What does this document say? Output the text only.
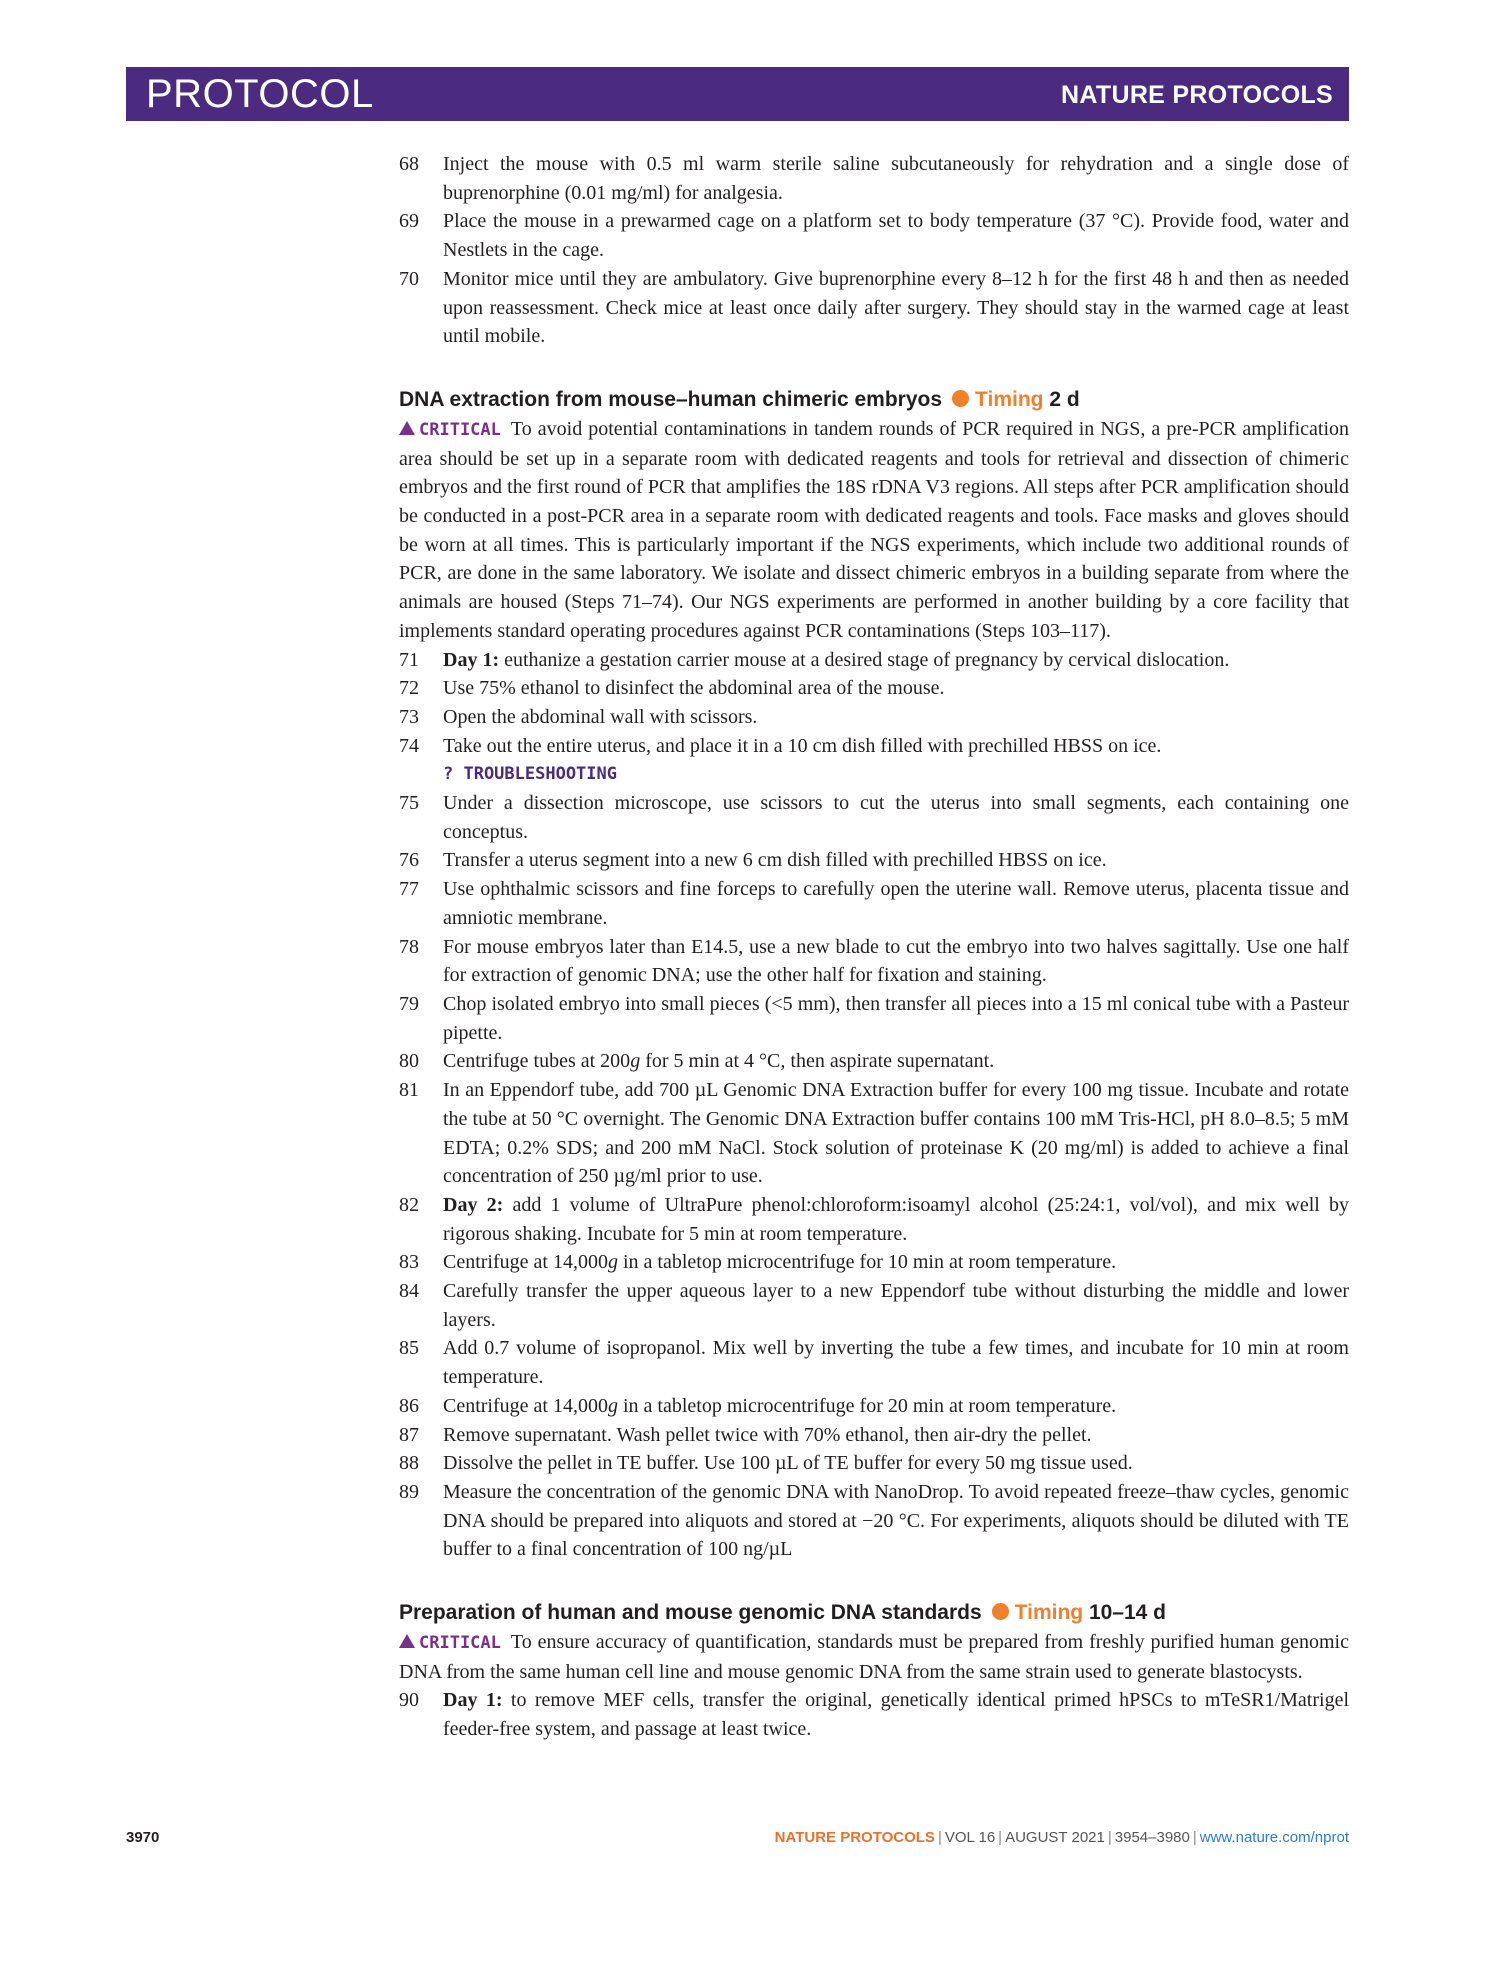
PROTOCOL	NATURE PROTOCOLS
68	Inject the mouse with 0.5 ml warm sterile saline subcutaneously for rehydration and a single dose of buprenorphine (0.01 mg/ml) for analgesia.
69	Place the mouse in a prewarmed cage on a platform set to body temperature (37 °C). Provide food, water and Nestlets in the cage.
70	Monitor mice until they are ambulatory. Give buprenorphine every 8–12 h for the first 48 h and then as needed upon reassessment. Check mice at least once daily after surgery. They should stay in the warmed cage at least until mobile.
DNA extraction from mouse–human chimeric embryos Timing 2 d
CRITICAL To avoid potential contaminations in tandem rounds of PCR required in NGS, a pre-PCR amplification area should be set up in a separate room with dedicated reagents and tools for retrieval and dissection of chimeric embryos and the first round of PCR that amplifies the 18S rDNA V3 regions. All steps after PCR amplification should be conducted in a post-PCR area in a separate room with dedicated reagents and tools. Face masks and gloves should be worn at all times. This is particularly important if the NGS experiments, which include two additional rounds of PCR, are done in the same laboratory. We isolate and dissect chimeric embryos in a building separate from where the animals are housed (Steps 71–74). Our NGS experiments are performed in another building by a core facility that implements standard operating procedures against PCR contaminations (Steps 103–117).
71	Day 1: euthanize a gestation carrier mouse at a desired stage of pregnancy by cervical dislocation.
72	Use 75% ethanol to disinfect the abdominal area of the mouse.
73	Open the abdominal wall with scissors.
74	Take out the entire uterus, and place it in a 10 cm dish filled with prechilled HBSS on ice.
? TROUBLESHOOTING
75	Under a dissection microscope, use scissors to cut the uterus into small segments, each containing one conceptus.
76	Transfer a uterus segment into a new 6 cm dish filled with prechilled HBSS on ice.
77	Use ophthalmic scissors and fine forceps to carefully open the uterine wall. Remove uterus, placenta tissue and amniotic membrane.
78	For mouse embryos later than E14.5, use a new blade to cut the embryo into two halves sagittally. Use one half for extraction of genomic DNA; use the other half for fixation and staining.
79	Chop isolated embryo into small pieces (<5 mm), then transfer all pieces into a 15 ml conical tube with a Pasteur pipette.
80	Centrifuge tubes at 200g for 5 min at 4 °C, then aspirate supernatant.
81	In an Eppendorf tube, add 700 µL Genomic DNA Extraction buffer for every 100 mg tissue. Incubate and rotate the tube at 50 °C overnight. The Genomic DNA Extraction buffer contains 100 mM Tris-HCl, pH 8.0–8.5; 5 mM EDTA; 0.2% SDS; and 200 mM NaCl. Stock solution of proteinase K (20 mg/ml) is added to achieve a final concentration of 250 µg/ml prior to use.
82	Day 2: add 1 volume of UltraPure phenol:chloroform:isoamyl alcohol (25:24:1, vol/vol), and mix well by rigorous shaking. Incubate for 5 min at room temperature.
83	Centrifuge at 14,000g in a tabletop microcentrifuge for 10 min at room temperature.
84	Carefully transfer the upper aqueous layer to a new Eppendorf tube without disturbing the middle and lower layers.
85	Add 0.7 volume of isopropanol. Mix well by inverting the tube a few times, and incubate for 10 min at room temperature.
86	Centrifuge at 14,000g in a tabletop microcentrifuge for 20 min at room temperature.
87	Remove supernatant. Wash pellet twice with 70% ethanol, then air-dry the pellet.
88	Dissolve the pellet in TE buffer. Use 100 µL of TE buffer for every 50 mg tissue used.
89	Measure the concentration of the genomic DNA with NanoDrop. To avoid repeated freeze–thaw cycles, genomic DNA should be prepared into aliquots and stored at −20 °C. For experiments, aliquots should be diluted with TE buffer to a final concentration of 100 ng/µL
Preparation of human and mouse genomic DNA standards Timing 10–14 d
CRITICAL To ensure accuracy of quantification, standards must be prepared from freshly purified human genomic DNA from the same human cell line and mouse genomic DNA from the same strain used to generate blastocysts.
90	Day 1: to remove MEF cells, transfer the original, genetically identical primed hPSCs to mTeSR1/Matrigel feeder-free system, and passage at least twice.
3970	NATURE PROTOCOLS | VOL 16 | AUGUST 2021 | 3954–3980 | www.nature.com/nprot
